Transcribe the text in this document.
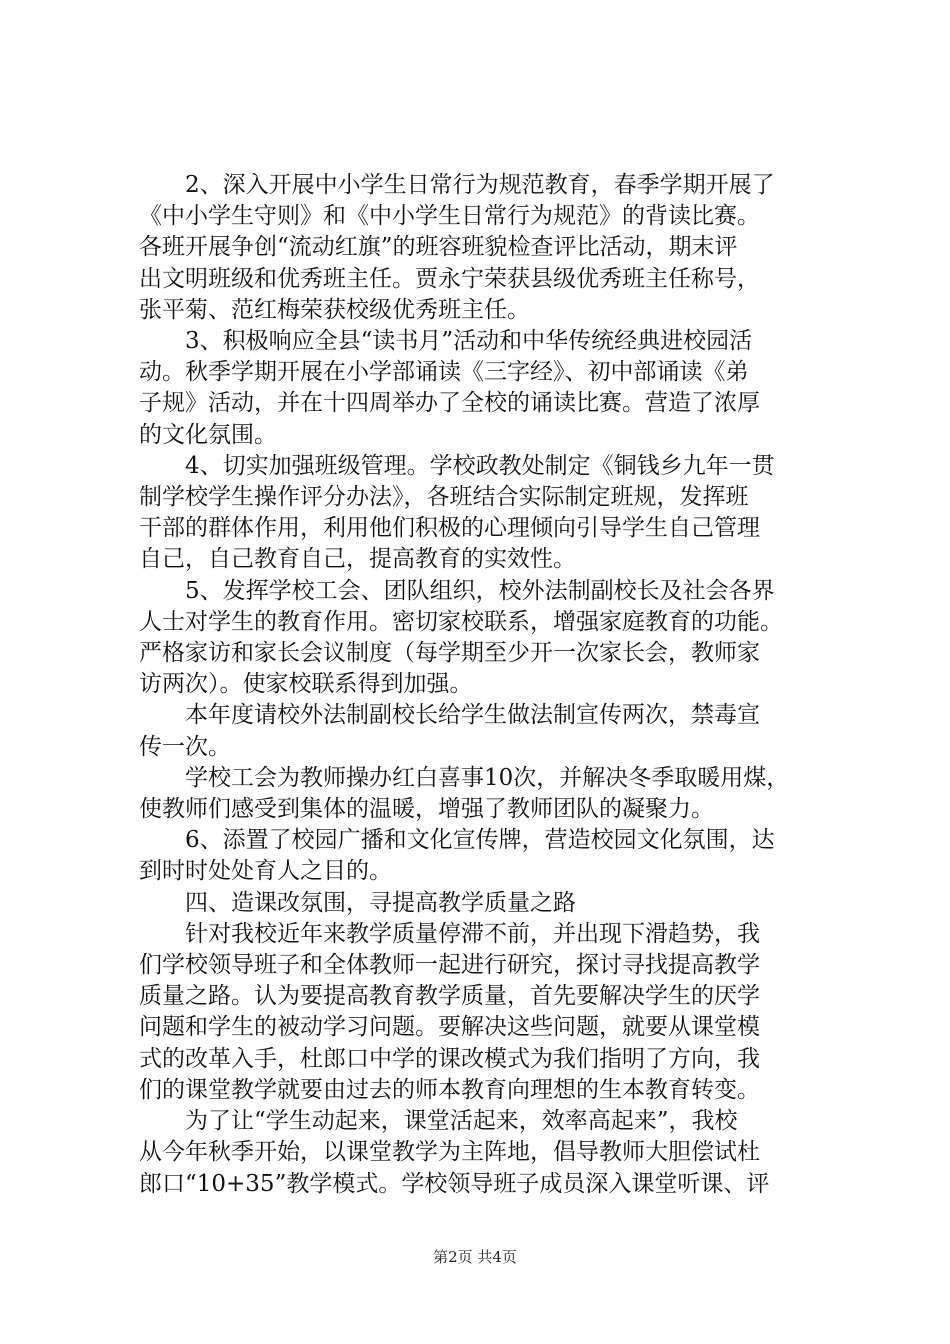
2、深入开展中小学生日常行为规范教育，春季学期开展了
《中小学生守则》和《中小学生日常行为规范》的背读比赛。
各班开展争创“流动红旗”的班容班貌检查评比活动，期末评
出文明班级和优秀班主任。贾永宁荣获县级优秀班主任称号，
张平菊、范红梅荣获校级优秀班主任。

3、积极响应全县“读书月”活动和中华传统经典进校园活
动。秋季学期开展在小学部诵读《三字经》、初中部诵读《弟
子规》活动，并在十四周举办了全校的诵读比赛。营造了浓厚
的文化氛围。

4、切实加强班级管理。学校政教处制定《铜钱乡九年一贯
制学校学生操作评分办法》，各班结合实际制定班规，发挥班
干部的群体作用，利用他们积极的心理倾向引导学生自己管理
自己，自己教育自己，提高教育的实效性。

5、发挥学校工会、团队组织，校外法制副校长及社会各界
人士对学生的教育作用。密切家校联系，增强家庭教育的功能。
严格家访和家长会议制度（每学期至少开一次家长会，教师家
访两次）。使家校联系得到加强。

本年度请校外法制副校长给学生做法制宣传两次，禁毒宣
传一次。

学校工会为教师操办红白喜事10次，并解决冬季取暖用煤，
使教师们感受到集体的温暖，增强了教师团队的凝聚力。

6、添置了校园广播和文化宣传牌，营造校园文化氛围，达
到时时处处育人之目的。

四、造课改氛围，寻提高教学质量之路

针对我校近年来教学质量停滞不前，并出现下滑趋势，我
们学校领导班子和全体教师一起进行研究，探讨寻找提高教学
质量之路。认为要提高教育教学质量，首先要解决学生的厌学
问题和学生的被动学习问题。要解决这些问题，就要从课堂模
式的改革入手，杜郎口中学的课改模式为我们指明了方向，我
们的课堂教学就要由过去的师本教育向理想的生本教育转变。

为了让“学生动起来，课堂活起来，效率高起来”，我校
从今年秋季开始，以课堂教学为主阵地，倡导教师大胆偿试杜
郎口“10+35”教学模式。学校领导班子成员深入课堂听课、评

第2页 共4页
